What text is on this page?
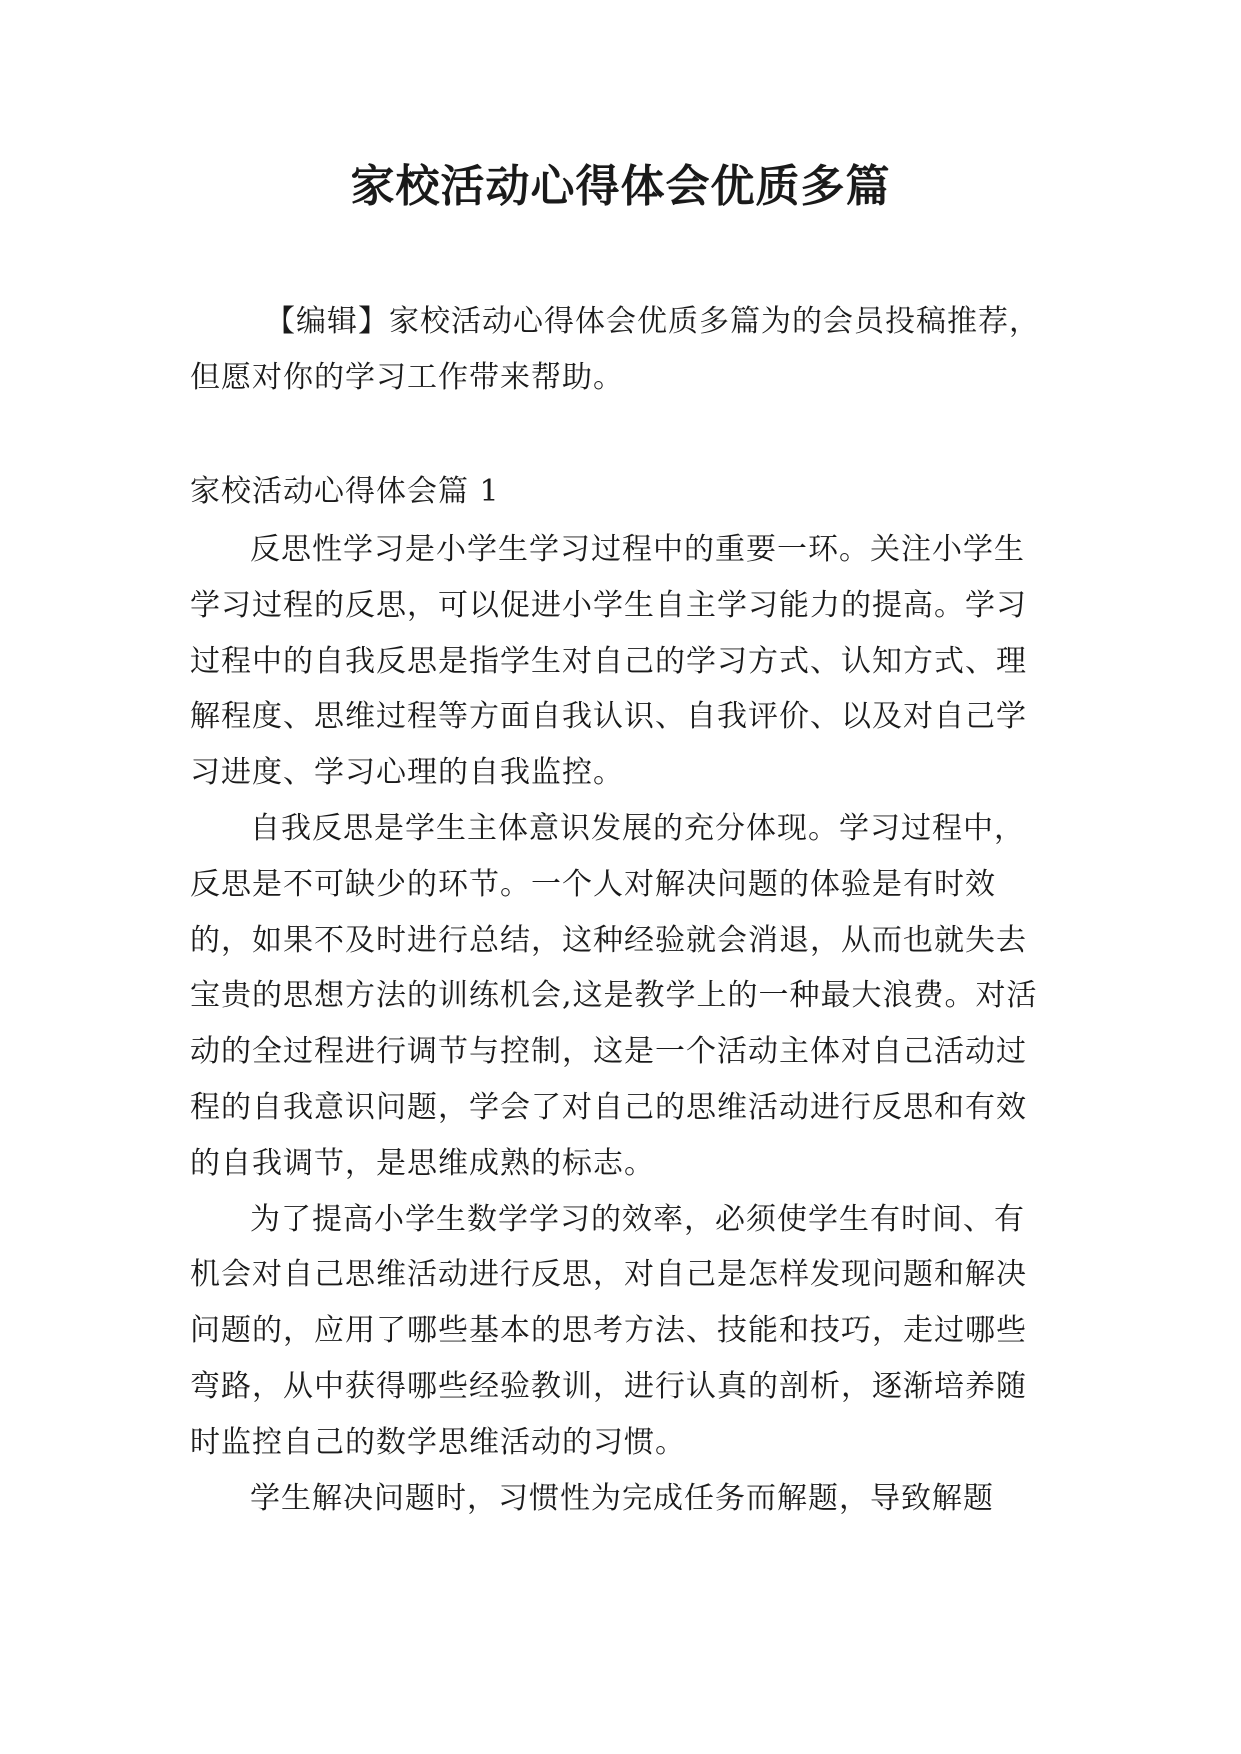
家校活动心得体会优质多篇

【编辑】家校活动心得体会优质多篇为的会员投稿推荐，但愿对你的学习工作带来帮助。

家校活动心得体会篇 1

反思性学习是小学生学习过程中的重要一环。关注小学生学习过程的反思，可以促进小学生自主学习能力的提高。学习过程中的自我反思是指学生对自己的学习方式、认知方式、理解程度、思维过程等方面自我认识、自我评价、以及对自己学习进度、学习心理的自我监控。

自我反思是学生主体意识发展的充分体现。学习过程中，反思是不可缺少的环节。一个人对解决问题的体验是有时效的，如果不及时进行总结，这种经验就会消退，从而也就失去宝贵的思想方法的训练机会,这是教学上的一种最大浪费。对活动的全过程进行调节与控制，这是一个活动主体对自己活动过程的自我意识问题，学会了对自己的思维活动进行反思和有效的自我调节，是思维成熟的标志。

为了提高小学生数学学习的效率，必须使学生有时间、有机会对自己思维活动进行反思，对自己是怎样发现问题和解决问题的，应用了哪些基本的思考方法、技能和技巧，走过哪些弯路，从中获得哪些经验教训，进行认真的剖析，逐渐培养随时监控自己的数学思维活动的习惯。

学生解决问题时，习惯性为完成任务而解题，导致解题
